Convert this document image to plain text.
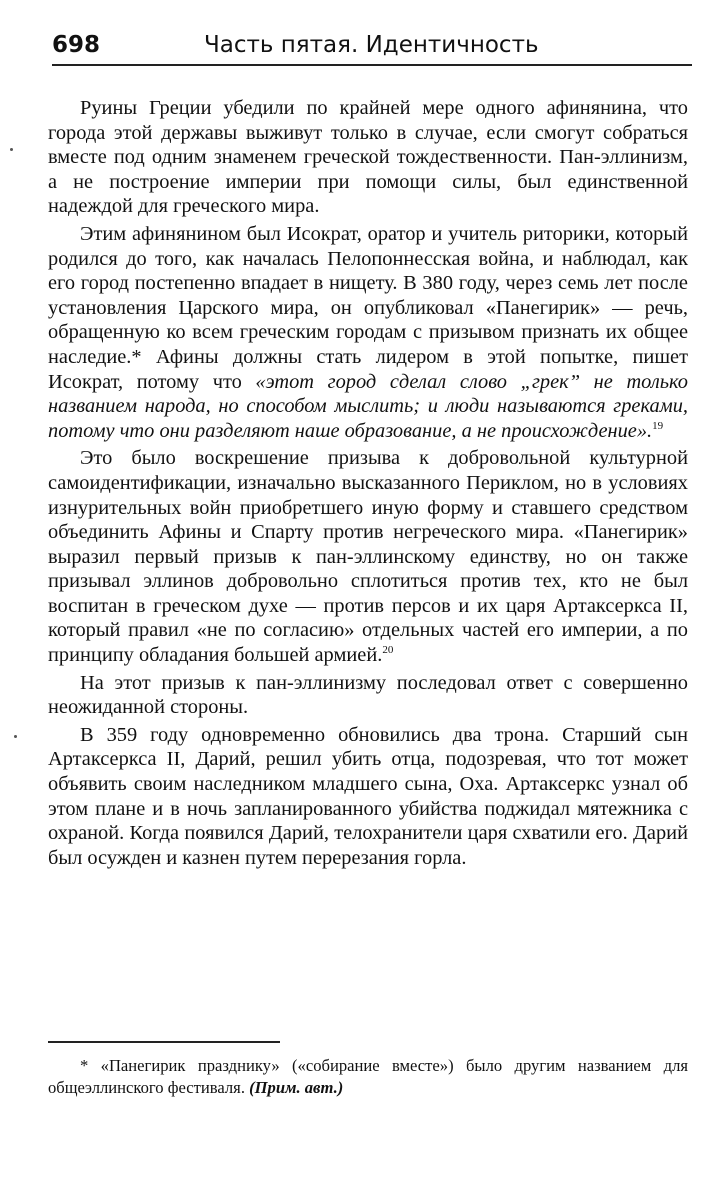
698	Часть пятая. Идентичность

Руины Греции убедили по крайней мере одного афинянина, что города этой державы выживут только в случае, если смогут собраться вместе под одним знаменем греческой тождественности. Пан-эллинизм, а не построение империи при помощи силы, был единственной надеждой для греческого мира.

Этим афинянином был Исократ, оратор и учитель риторики, который родился до того, как началась Пелопоннесская война, и наблюдал, как его город постепенно впадает в нищету. В 380 году, через семь лет после установления Царского мира, он опубликовал «Панегирик» — речь, обращенную ко всем греческим городам с призывом признать их общее наследие.* Афины должны стать лидером в этой попытке, пишет Исократ, потому что «этот город сделал слово „грек” не только названием народа, но способом мыслить; и люди называются греками, потому что они разделяют наше образование, а не происхождение».$^{19}$

Это было воскрешение призыва к добровольной культурной самоидентификации, изначально высказанного Периклом, но в условиях изнурительных войн приобретшего иную форму и ставшего средством объединить Афины и Спарту против негреческого мира. «Панегирик» выразил первый призыв к пан-эллинскому единству, но он также призывал эллинов добровольно сплотиться против тех, кто не был воспитан в греческом духе — против персов и их царя Артаксеркса II, который правил «не по согласию» отдельных частей его империи, а по принципу обладания большей армией.$^{20}$

На этот призыв к пан-эллинизму последовал ответ с совершенно неожиданной стороны.

В 359 году одновременно обновились два трона. Старший сын Артаксеркса II, Дарий, решил убить отца, подозревая, что тот может объявить своим наследником младшего сына, Оха. Артаксеркс узнал об этом плане и в ночь запланированного убийства поджидал мятежника с охраной. Когда появился Дарий, телохранители царя схватили его. Дарий был осужден и казнен путем перерезания горла.

* «Панегирик празднику» («собирание вместе») было другим названием для общеэллинского фестиваля. (Прим. авт.)
